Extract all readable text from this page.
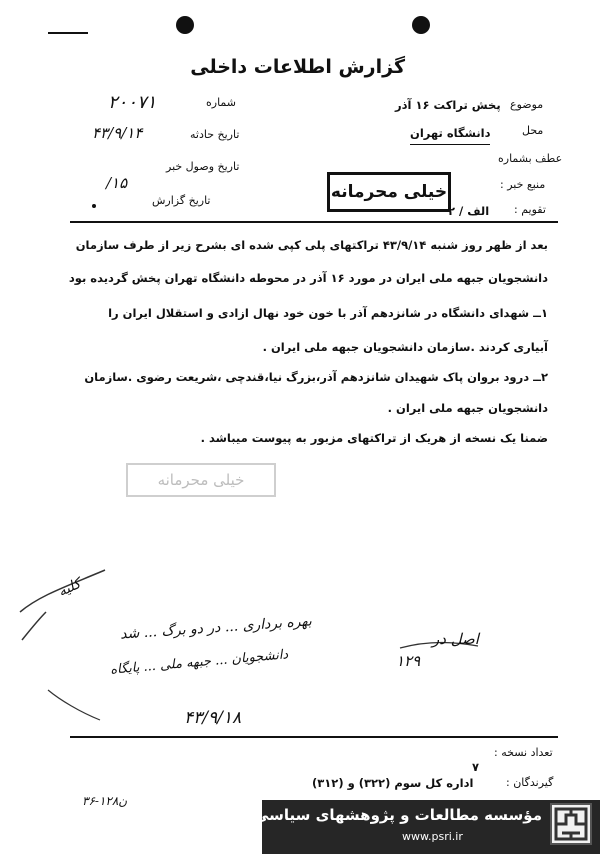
گزارش اطلاعات داخلی
شماره
۲۰۰۷۱
تاریخ حادثه
۴۳/۹/۱۴
تاریخ وصول خبر
/۱۵
تاریخ گزارش
موضوع
پخش تراکت ۱۶ آذر
محل
دانشگاه تهران
عطف بشماره
منبع خبر :
تقویم :
الف / ۲
خیلی محرمانه
بعد از ظهر روز شنبه ۴۳/۹/۱۴ تراکتهای پلی کپی شده ای بشرح زیر از طرف سازمان
دانشجویان جبهه ملی ایران در مورد ۱۶ آذر در محوطه دانشگاه تهران پخش گردیده بود
۱ــ شهدای دانشگاه در شانزدهم آذر با خون خود نهال ازادی و استقلال ایران را
آبیاری کردند .سازمان دانشجویان جبهه ملی ایران .
۲ــ درود بروان پاک شهیدان شانزدهم آذر،بزرگ نیا،قندچی ،شریعت رضوی .سازمان
دانشجویان جبهه ملی ایران .
ضمنا یک نسخه از هریک از تراکتهای مزبور به پیوست میباشد .
خیلی محرمانه
کلیه
بهره برداری ... در دو برگ ... شد
دانشجویان ... جبهه ملی ... پایگاه
اصل در
۱۲۹
۴۳/۹/۱۸
تعداد نسخه :
۷
گیرندگان :
اداره کل سوم (۳۲۲) و (۳۱۲)
۳۶-۱۲۸ن
مؤسسه مطالعات و پژوهشهای سیاسی
www.psri.ir
